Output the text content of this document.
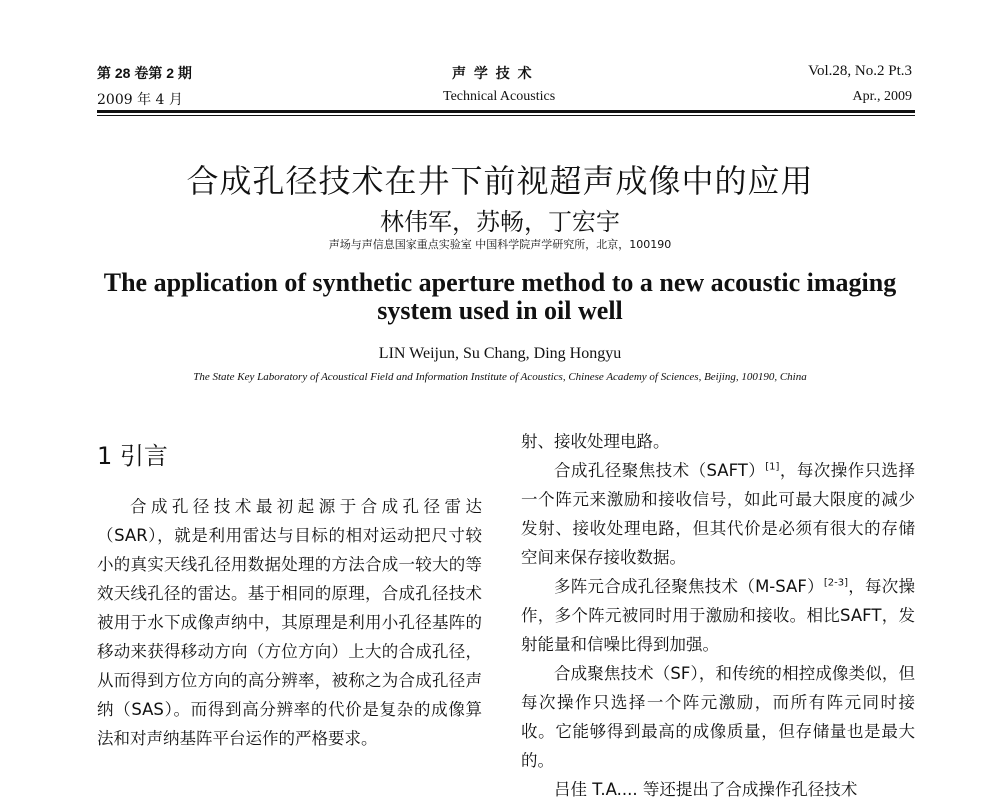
第 28 卷第 2 期
2009 年 4 月
声 学 技 术
Technical Acoustics
Vol.28, No.2 Pt.3
Apr., 2009
合成孔径技术在井下前视超声成像中的应用
林伟军，苏畅，丁宏宇
声场与声信息国家重点实验室 中国科学院声学研究所，北京，100190
The application of synthetic aperture method to a new acoustic imaging system used in oil well
LIN Weijun, Su Chang, Ding Hongyu
The State Key Laboratory of Acoustical Field and Information Institute of Acoustics, Chinese Academy of Sciences, Beijing, 100190, China
1 引言

合成孔径技术最初起源于合成孔径雷达（SAR），就是利用雷达与目标的相对运动把尺寸较小的真实天线孔径用数据处理的方法合成一较大的等效天线孔径的雷达。基于相同的原理，合成孔径技术被用于水下成像声纳中，其原理是利用小孔径基阵的移动来获得移动方向（方位方向）上大的合成孔径，从而得到方位方向的高分辨率，被称之为合成孔径声纳（SAS）。而得到高分辨率的代价是复杂的成像算法和对声纳基阵平台运作的严格要求。

射、接收处理电路。

合成孔径聚焦技术（SAFT）[1]，每次操作只选择一个阵元来激励和接收信号，如此可最大限度的减少发射、接收处理电路，但其代价是必须有很大的存储空间来保存接收数据。

多阵元合成孔径聚焦技术（M-SAF）[2-3]，每次操作，多个阵元被同时用于激励和接收。相比SAFT，发射能量和信噪比得到加强。

合成聚焦技术（SF），和传统的相控成像类似，但每次操作只选择一个阵元激励，而所有阵元同时接收。它能够得到最高的成像质量，但存储量也是最大的。

吕佳 T.A.... 等还提出了合成操作孔径技术
